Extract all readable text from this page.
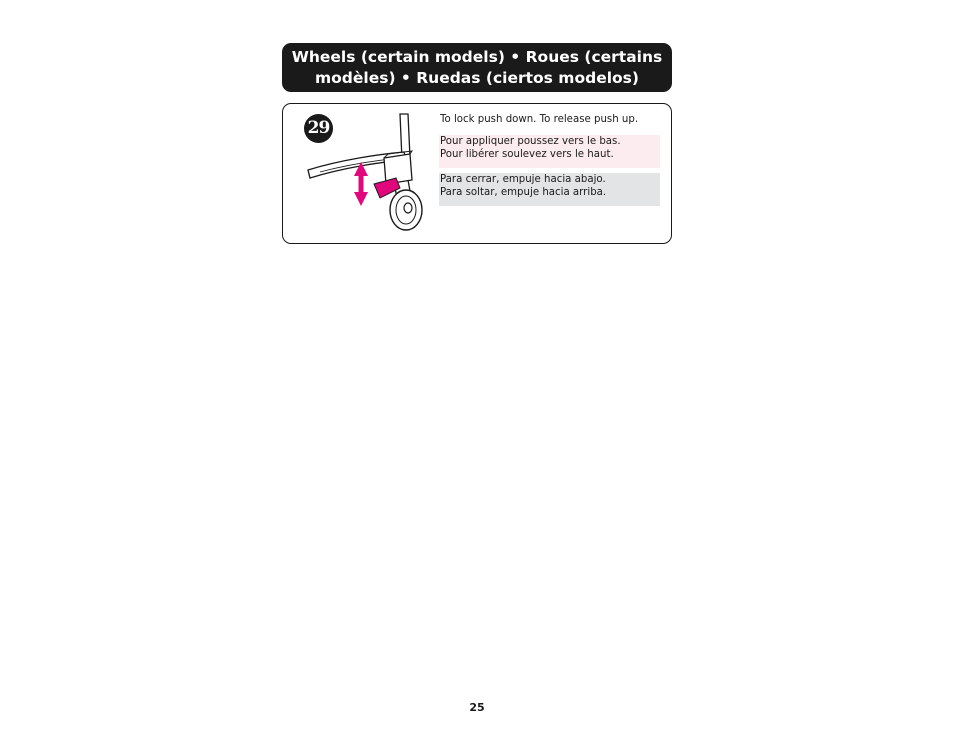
Wheels (certain models) • Roues (certains modèles) • Ruedas (ciertos modelos)
29	To lock push down. To release push up.
Pour appliquer poussez vers le bas.
Pour libérer soulevez vers le haut.
Para cerrar, empuje hacia abajo.
Para soltar, empuje hacia arriba.
25
